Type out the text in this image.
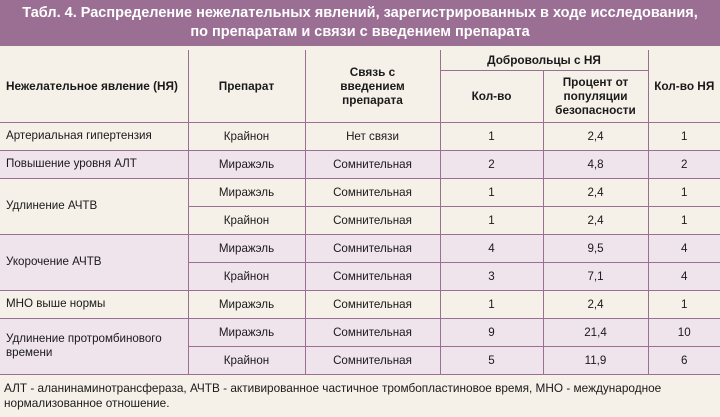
Табл. 4. Распределение нежелательных явлений, зарегистрированных в ходе исследования,
по препаратам и связи с введением препарата
Нежелательное явление (НЯ)	Препарат	Связь с введением препарата	Добровольцы с НЯ		Кол-во НЯ
			Кол-во	Процент от популяции безопасности	
Артериальная гипертензия	Крайнон	Нет связи	1	2,4	1
Повышение уровня АЛТ	Миражэль	Сомнительная	2	4,8	2
Удлинение АЧТВ	Миражэль	Сомнительная	1	2,4	1
	Крайнон	Сомнительная	1	2,4	1
Укорочение АЧТВ	Миражэль	Сомнительная	4	9,5	4
	Крайнон	Сомнительная	3	7,1	4
МНО выше нормы	Миражэль	Сомнительная	1	2,4	1
Удлинение протромбинового времени	Миражэль	Сомнительная	9	21,4	10
	Крайнон	Сомнительная	5	11,9	6
АЛТ - аланинаминотрансфераза, АЧТВ - активированное частичное тромбопластиновое время, МНО - международное нормализованное отношение.
